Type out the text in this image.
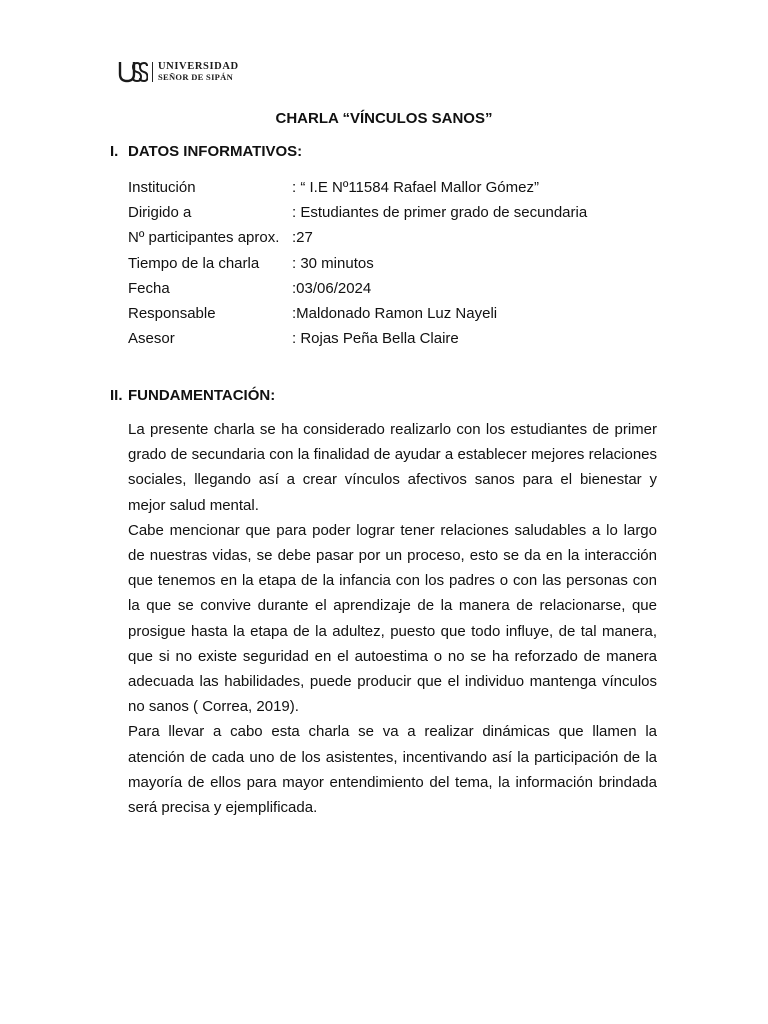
UNIVERSIDAD
SEÑOR DE SIPÁN
CHARLA “VÍNCULOS SANOS”
I. DATOS INFORMATIVOS:
Institución	: “ I.E Nº11584 Rafael Mallor Gómez”
Dirigido a	: Estudiantes de primer grado de secundaria
Nº participantes aprox. :27
Tiempo de la charla	: 30 minutos
Fecha	:03/06/2024
Responsable	:Maldonado Ramon Luz Nayeli
Asesor	: Rojas Peña Bella Claire
II. FUNDAMENTACIÓN:

La presente charla se ha considerado realizarlo con los estudiantes de primer grado de secundaria con la finalidad de ayudar a establecer mejores relaciones sociales, llegando así a crear vínculos afectivos sanos para el bienestar y mejor salud mental.

Cabe mencionar que para poder lograr tener relaciones saludables a lo largo de nuestras vidas, se debe pasar por un proceso, esto se da en la interacción que tenemos en la etapa de la infancia con los padres o con las personas con la que se convive durante el aprendizaje de la manera de relacionarse, que prosigue hasta la etapa de la adultez, puesto que todo influye, de tal manera, que si no existe seguridad en el autoestima o no se ha reforzado de manera adecuada las habilidades, puede producir que el individuo mantenga vínculos no sanos ( Correa, 2019).

Para llevar a cabo esta charla se va a realizar dinámicas que llamen la atención de cada uno de los asistentes, incentivando así la participación de la mayoría de ellos para mayor entendimiento del tema, la información brindada será precisa y ejemplificada.
